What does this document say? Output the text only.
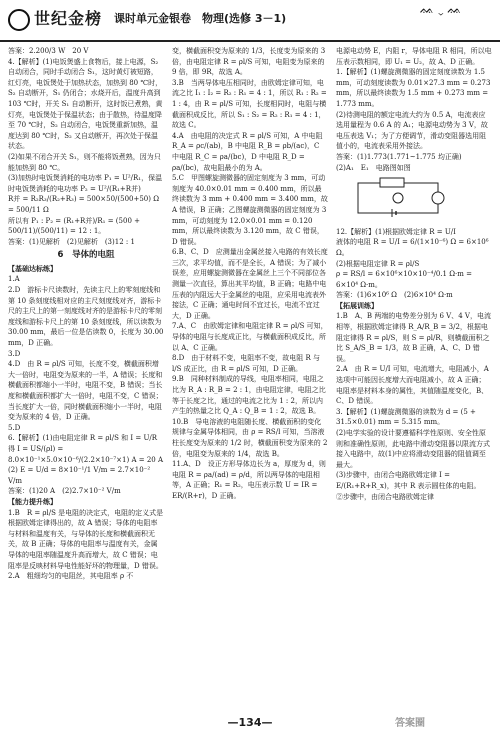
世纪金榜 课时单元金银卷 物理(选修 3－1)
ᨐ ⌄ ᨐ

答案：2.200/3 W　20 V

4.【解析】(1)电饭煲盛上食物后，接上电源，S₂ 自动闭合，同时手动闭合 S₁，这时黄灯被短路，红灯亮，电饭煲处于加热状态，加热到 80 ℃时，S₂ 自动断开，S₁ 仍闭合；水烧开后，温度升高到 103 ℃时，开关 S₁ 自动断开，这时饭已煮熟，黄灯亮，电饭煲处于保温状态；由于散热，待温度降至 70 ℃时，S₂ 自动闭合，电饭煲重新加热，温度达到 80 ℃时，S₂ 又自动断开，再次处于保温状态。

(2)如果不闭合开关 S₁，则不能将饭煮熟，因为只能加热到 80 ℃。

(3)加热时电饭煲消耗的电功率 P₁ = U²/R₁，保温时电饭煲消耗的电功率 P₂ = U²/(R₁+R并)

R并 = R₂R₃/(R₂+R₃) = 500×50/(500+50) Ω = 500/11 Ω

所以有 P₁ : P₂ = (R₁+R并)/R₁ = (500 + 500/11)/(500/11) = 12 : 1。

答案：(1)见解析　(2)见解析　(3)12 : 1

6　导体的电阻

【基础达标练】

1.A

2.D　游标卡尺读数时，先读主尺上的零刻度线和第 10 条刻度线相对应的主尺刻度线对齐，游标卡尺的主尺上的第一刻度线对齐的是游标卡尺的零刻度线和游标卡尺上的第 10 条刻度线，所以读数为 30.00 mm，最后一位是估读数 0，长度为 30.00 mm，D 正确。

3.D

4.D　由 R = ρl/S 可知，长度不变，横截面积增大一倍时，电阻变为原来的一半，A 错误；长度和横截面积都缩小一半时，电阻不变，B 错误；当长度和横截面积都扩大一倍时，电阻不变，C 错误；当长度扩大一倍，同时横截面积缩小一半时，电阻变为原来的 4 倍，D 正确。

5.D

6.【解析】(1)由电阻定律 R = ρl/S 和 I = U/R 得 I = US/(ρl) = 8.0×10⁻¹×5.0×10⁻⁶/(2.2×10⁻⁷×1) A = 20 A

(2) E = U/d = 8×10⁻¹/1 V/m = 2.7×10⁻² V/m

答案：(1)20 A　(2)2.7×10⁻² V/m

【能力提升练】

1.B　R = ρl/S 是电阻的决定式，电阻的定义式是根据欧姆定律得出的，故 A 错误；导体的电阻率与材料和温度有关，与导体的长度和横截面积无关，故 B 正确；导体的电阻率与温度有关，金属导体的电阻率随温度升高而增大，故 C 错误；电阻率是反映材料导电性能好坏的物理量，D 错误。

2.A　粗细均匀的电阻丝，其电阻率 ρ 不

变，横截面积变为原来的 1/3，长度变为原来的 3 倍，由电阻定律 R = ρl/S 可知，电阻变为原来的 9 倍，即 9R，故选 A。

3.B　当两导体电压相同时，由欧姆定律可知，电流之比 I₁ : I₂ = R₂ : R₁ = 4 : 1，所以 R₁ : R₂ = 1 : 4，由 R = ρl/S 可知，长度相同时，电阻与横截面积成反比，所以 S₁ : S₂ = R₂ : R₁ = 4 : 1，故选 C。

4.A　由电阻的决定式 R = ρl/S 可知，A 中电阻 R_A = ρc/(ab)，B 中电阻 R_B = ρb/(ac)，C 中电阻 R_C = ρa/(bc)，D 中电阻 R_D = ρa/(bc)，故电阻最小的为 A。

5.C　甲图螺旋测微器的固定刻度为 3 mm，可动刻度为 40.0×0.01 mm = 0.400 mm，所以最终读数为 3 mm + 0.400 mm = 3.400 mm，故 A 错误，B 正确；乙图螺旋测微器的固定刻度为 3 mm，可动刻度为 12.0×0.01 mm = 0.120 mm，所以最终读数为 3.120 mm，故 C 错误，D 错误。

6.B、C、D　应测量出金属丝接入电路的有效长度三次，求平均值，而不是全长，A 错误；为了减小误差，应用螺旋测微器在金属丝上三个不同部位各测量一次直径，算出其平均值，B 正确；电路中电压表的内阻远大于金属丝的电阻，应采用电流表外接法，C 正确；通电时间不宜过长，电流不宜过大，D 正确。

7.A、C　由欧姆定律和电阻定律 R = ρl/S 可知，导体的电阻与长度成正比，与横截面积成反比，所以 A、C 正确。

8.D　由于材料不变，电阻率不变，故电阻 R 与 l/S 成正比，由 R = ρl/S 可知，D 正确。

9.B　同种材料制成的导线，电阻率相同，电阻之比为 R_A : R_B = 2 : 1，由电阻定律，电阻之比等于长度之比，通过的电流之比为 1 : 2，所以内产生的热量之比 Q_A : Q_B = 1 : 2，故选 B。

10.B　导电溶液的电阻随长度、横截面积的变化规律与金属导体相同，由 ρ = RS/l 可知，当溶液柱长度变为原来的 1/2 时，横截面积变为原来的 2 倍，电阻变为原来的 1/4，故选 B。

11.A、D　设正方形导体边长为 a，厚度为 d，则电阻 R = ρa/(ad) = ρ/d，所以两导体的电阻相等，A 正确；R₁ = R₂，电压表示数 U = IR = ER/(R+r)，D 正确。

电源电动势 E，内阻 r，导体电阻 R 相同，所以电压表示数相同，即 U₁ = U₂，故 A、D 正确。

1.【解析】(1)螺旋测微器的固定刻度读数为 1.5 mm，可动刻度读数为 0.01×27.3 mm = 0.273 mm，所以最终读数为 1.5 mm + 0.273 mm = 1.773 mm。

(2)待测电阻的额定电流大约为 0.5 A，电流表应选用量程为 0.6 A 的 A₁；电源电动势为 3 V，故电压表选 V₁；为了方便调节，滑动变阻器选用阻值小的，电流表采用外接法。

答案：(1)1.773(1.771~1.775 均正确)

(2)A₁　E₁　电路图如图

12.【解析】(1)根据欧姆定律 R = U/I

液体的电阻 R = U/I = 6/(1×10⁻⁶) Ω = 6×10⁶ Ω。

(2)根据电阻定律 R = ρl/S

ρ = RS/l = 6×10⁶×10×10⁻⁴/0.1 Ω·m = 6×10⁴ Ω·m。

答案：(1)6×10⁶ Ω　(2)6×10⁴ Ω·m

【拓展训练】

1.B　A、B 两端的电势差分别为 6 V、4 V，电流相等，根据欧姆定律得 R_A/R_B = 3/2，根据电阻定律得 R = ρl/S，则 S = ρl/R，则横截面积之比 S_A/S_B = 1/3，故 B 正确，A、C、D 错误。

2.A　由 R = U/I 可知，电流增大，电阻减小，A 选项中可能因长度增大而电阻减小，故 A 正确；电阻率是材料本身的属性，其值随温度变化，B、C、D 错误。

3.【解析】(1)螺旋测微器的读数为 d = (5 + 31.5×0.01) mm = 5.315 mm。

(2)电学实验的设计要遵循科学性原则、安全性原则和准确性原则，此电路中滑动变阻器以限流方式接入电路中，故(1)中应将滑动变阻器的阻值调至最大。

(3)步骤中，由闭合电路欧姆定律 I = E/(R₁+R+R_x)，其中 R 表示圆柱体的电阻。

②步骤中，由闭合电路欧姆定律

—134—	答案圈
